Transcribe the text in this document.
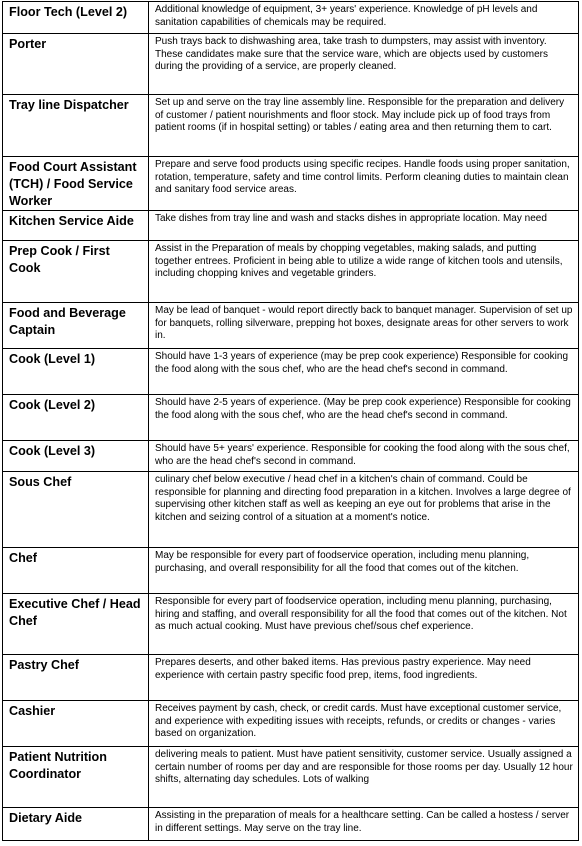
Floor Tech (Level 2)	Additional knowledge of equipment, 3+ years' experience. Knowledge of pH levels and sanitation capabilities of chemicals may be required.
Porter	Push trays back to dishwashing area, take trash to dumpsters, may assist with inventory. These candidates make sure that the service ware, which are objects used by customers during the providing of a service, are properly cleaned.
Tray line Dispatcher	Set up and serve on the tray line assembly line. Responsible for the preparation and delivery of customer / patient nourishments and floor stock. May include pick up of food trays from patient rooms (if in hospital setting) or tables / eating area and then returning them to cart.
Food Court Assistant (TCH) / Food Service Worker	Prepare and serve food products using specific recipes. Handle foods using proper sanitation, rotation, temperature, safety and time control limits. Perform cleaning duties to maintain clean and sanitary food service areas.
Kitchen Service Aide	Take dishes from tray line and wash and stacks dishes in appropriate location. May need
Prep Cook / First Cook	Assist in the Preparation of meals by chopping vegetables, making salads, and putting together entrees. Proficient in being able to utilize a wide range of kitchen tools and utensils, including chopping knives and vegetable grinders.
Food and Beverage Captain	May be lead of banquet - would report directly back to banquet manager. Supervision of set up for banquets, rolling silverware, prepping hot boxes, designate areas for other servers to work in.
Cook (Level 1)	Should have 1-3 years of experience (may be prep cook experience) Responsible for cooking the food along with the sous chef, who are the head chef's second in command.
Cook (Level 2)	Should have 2-5 years of experience. (May be prep cook experience) Responsible for cooking the food along with the sous chef, who are the head chef's second in command.
Cook (Level 3)	Should have 5+ years' experience. Responsible for cooking the food along with the sous chef, who are the head chef's second in command.
Sous Chef	culinary chef below executive / head chef in a kitchen's chain of command. Could be responsible for planning and directing food preparation in a kitchen. Involves a large degree of supervising other kitchen staff as well as keeping an eye out for problems that arise in the kitchen and seizing control of a situation at a moment's notice.
Chef	May be responsible for every part of foodservice operation, including menu planning, purchasing, and overall responsibility for all the food that comes out of the kitchen.
Executive Chef / Head Chef	Responsible for every part of foodservice operation, including menu planning, purchasing, hiring and staffing, and overall responsibility for all the food that comes out of the kitchen. Not as much actual cooking. Must have previous chef/sous chef experience.
Pastry Chef	Prepares deserts, and other baked items. Has previous pastry experience. May need experience with certain pastry specific food prep, items, food ingredients.
Cashier	Receives payment by cash, check, or credit cards. Must have exceptional customer service, and experience with expediting issues with receipts, refunds, or credits or changes - varies based on organization.
Patient Nutrition Coordinator	delivering meals to patient. Must have patient sensitivity, customer service. Usually assigned a certain number of rooms per day and are responsible for those rooms per day. Usually 12 hour shifts, alternating day schedules. Lots of walking
Dietary Aide	Assisting in the preparation of meals for a healthcare setting. Can be called a hostess / server in different settings. May serve on the tray line.
